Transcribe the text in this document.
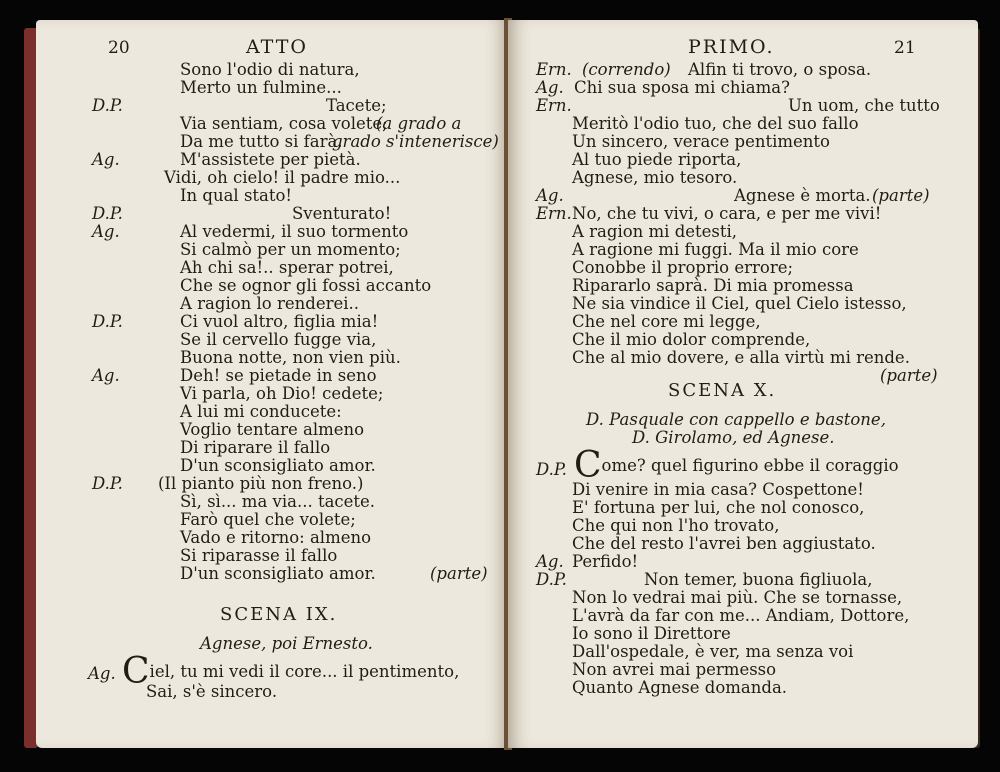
20	ATTO
Sono l'odio di natura,
Merto un fulmine...
D.P.	Tacete;
Via sentiam, cosa volete;
(a grado a
Da me tutto si farà.
grado s'intenerisce)
Ag.	M'assistete per pietà.
Vidi, oh cielo! il padre mio...
In qual stato!
D.P.	Sventurato!
Ag.	Al vedermi, il suo tormento
Si calmò per un momento;
Ah chi sa!.. sperar potrei,
Che se ognor gli fossi accanto
A ragion lo renderei..
D.P.	Ci vuol altro, figlia mia!
Se il cervello fugge via,
Buona notte, non vien più.
Ag.	Deh! se pietade in seno
Vi parla, oh Dio! cedete;
A lui mi conducete:
Voglio tentare almeno
Di riparare il fallo
D'un sconsigliato amor.
D.P. (Il pianto più non freno.)
Sì, sì... ma via... tacete.
Farò quel che volete;
Vado e ritorno: almeno
Si riparasse il fallo
D'un sconsigliato amor.	(parte)
SCENA IX.
Agnese, poi Ernesto.
Ag. Ciel, tu mi vedi il core... il pentimento,
Sai, s'è sincero.
PRIMO.	21
Ern. (correndo) Alfin ti trovo, o sposa.
Ag. Chi sua sposa mi chiama?
Ern.	Un uom, che tutto
Meritò l'odio tuo, che del suo fallo
Un sincero, verace pentimento
Al tuo piede riporta,
Agnese, mio tesoro.
Ag.	Agnese è morta. (parte)
Ern. No, che tu vivi, o cara, e per me vivi!
A ragion mi detesti,
A ragione mi fuggi. Ma il mio core
Conobbe il proprio errore;
Ripararlo saprà. Di mia promessa
Ne sia vindice il Ciel, quel Cielo istesso,
Che nel core mi legge,
Che il mio dolor comprende,
Che al mio dovere, e alla virtù mi rende.
(parte)
SCENA X.
D. Pasquale con cappello e bastone,
D. Girolamo, ed Agnese.
D.P. Come? quel figurino ebbe il coraggio
Di venire in mia casa? Cospettone!
E' fortuna per lui, che nol conosco,
Che qui non l'ho trovato,
Che del resto l'avrei ben aggiustato.
Ag. Perfido!
D.P.	Non temer, buona figliuola,
Non lo vedrai mai più. Che se tornasse,
L'avrà da far con me... Andiam, Dottore,
Io sono il Direttore
Dall'ospedale, è ver, ma senza voi
Non avrei mai permesso
Quanto Agnese domanda.
